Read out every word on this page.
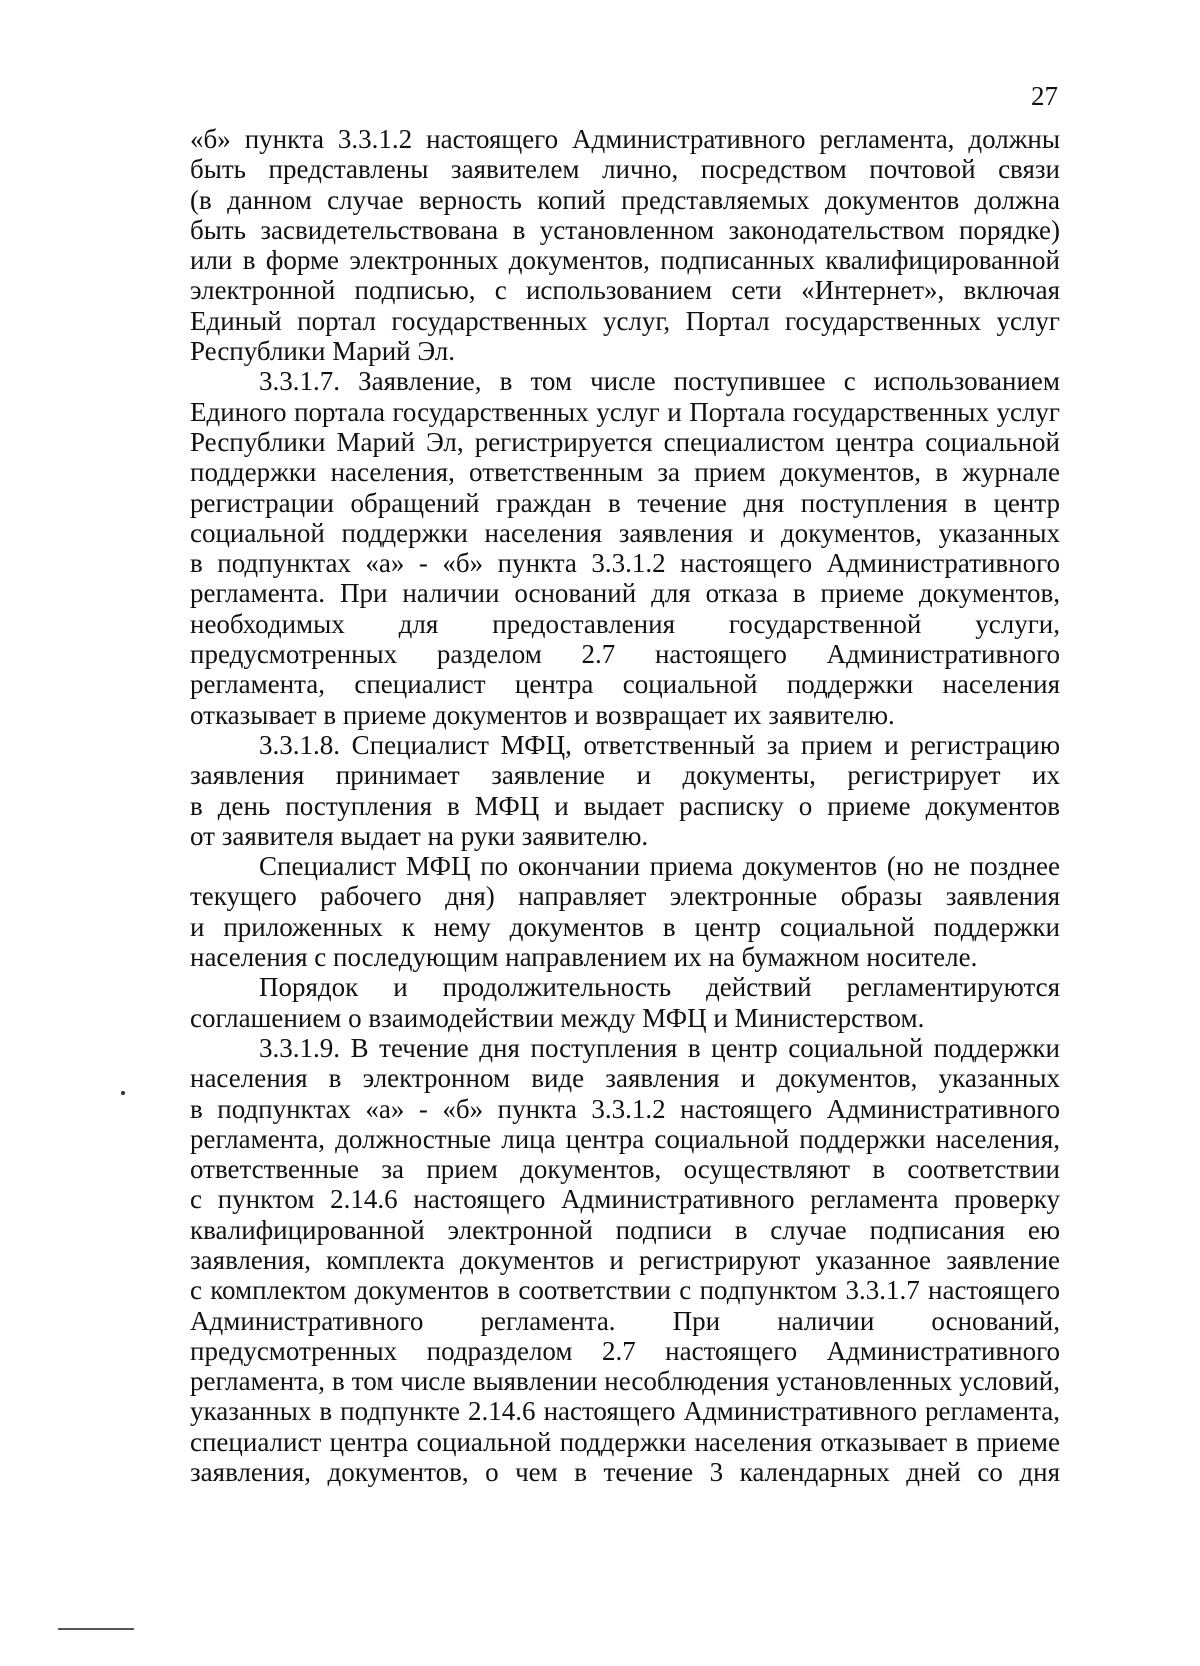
27
«б» пункта 3.3.1.2 настоящего Административного регламента, должны
быть представлены заявителем лично, посредством почтовой связи
(в данном случае верность копий представляемых документов должна
быть засвидетельствована в установленном законодательством порядке)
или в форме электронных документов, подписанных квалифицированной
электронной подписью, с использованием сети «Интернет», включая
Единый портал государственных услуг, Портал государственных услуг
Республики Марий Эл.
3.3.1.7. Заявление, в том числе поступившее с использованием
Единого портала государственных услуг и Портала государственных услуг
Республики Марий Эл, регистрируется специалистом центра социальной
поддержки населения, ответственным за прием документов, в журнале
регистрации обращений граждан в течение дня поступления в центр
социальной поддержки населения заявления и документов, указанных
в подпунктах «а» - «б» пункта 3.3.1.2 настоящего Административного
регламента. При наличии оснований для отказа в приеме документов,
необходимых для предоставления государственной услуги,
предусмотренных разделом 2.7 настоящего Административного
регламента, специалист центра социальной поддержки населения
отказывает в приеме документов и возвращает их заявителю.
3.3.1.8. Специалист МФЦ, ответственный за прием и регистрацию
заявления принимает заявление и документы, регистрирует их
в день поступления в МФЦ и выдает расписку о приеме документов
от заявителя выдает на руки заявителю.
Специалист МФЦ по окончании приема документов (но не позднее
текущего рабочего дня) направляет электронные образы заявления
и приложенных к нему документов в центр социальной поддержки
населения с последующим направлением их на бумажном носителе.
Порядок и продолжительность действий регламентируются
соглашением о взаимодействии между МФЦ и Министерством.
3.3.1.9. В течение дня поступления в центр социальной поддержки
населения в электронном виде заявления и документов, указанных
в подпунктах «а» - «б» пункта 3.3.1.2 настоящего Административного
регламента, должностные лица центра социальной поддержки населения,
ответственные за прием документов, осуществляют в соответствии
с пунктом 2.14.6 настоящего Административного регламента проверку
квалифицированной электронной подписи в случае подписания ею
заявления, комплекта документов и регистрируют указанное заявление
с комплектом документов в соответствии с подпунктом 3.3.1.7 настоящего
Административного регламента. При наличии оснований,
предусмотренных подразделом 2.7 настоящего Административного
регламента, в том числе выявлении несоблюдения установленных условий,
указанных в подпункте 2.14.6 настоящего Административного регламента,
специалист центра социальной поддержки населения отказывает в приеме
заявления, документов, о чем в течение 3 календарных дней со дня
